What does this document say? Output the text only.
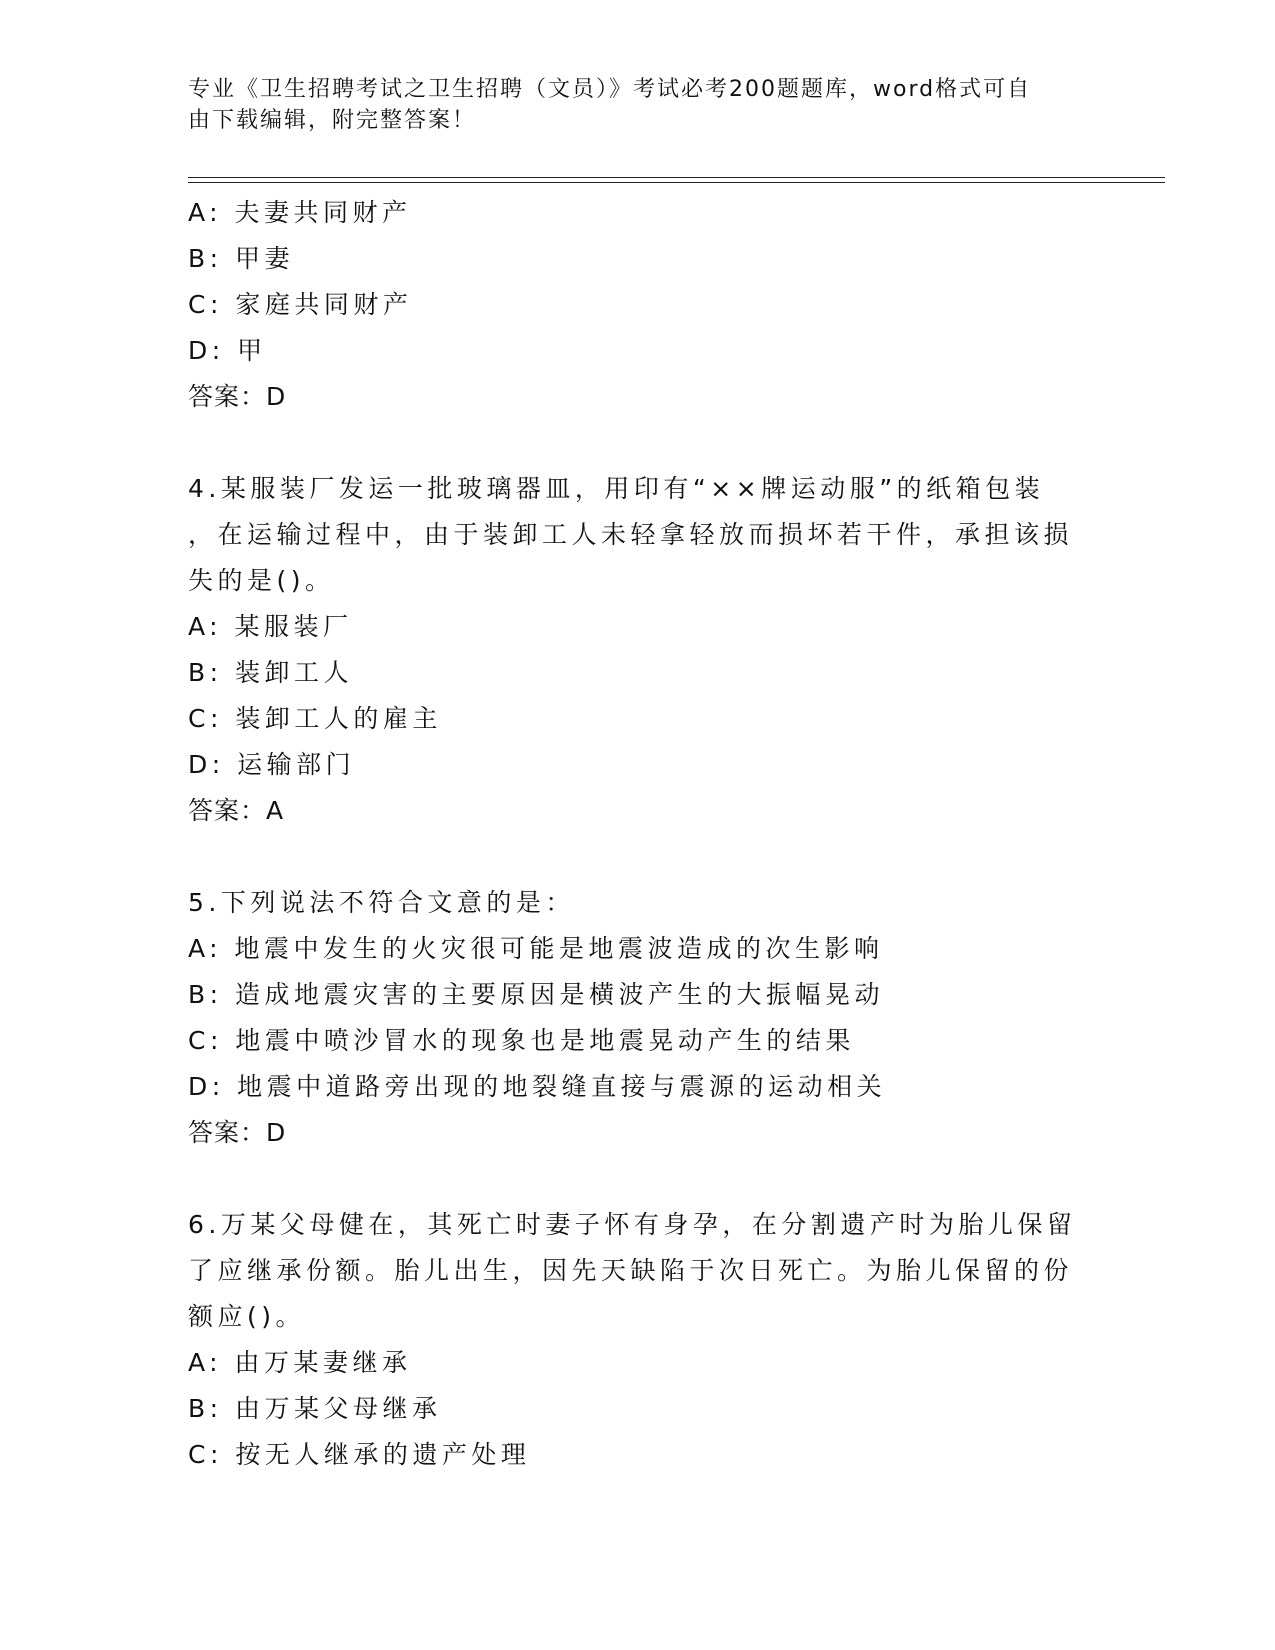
专业《卫生招聘考试之卫生招聘（文员）》考试必考200题题库，word格式可自
由下载编辑，附完整答案！
A: 夫妻共同财产
B: 甲妻
C: 家庭共同财产
D: 甲
答案：D
4.某服装厂发运一批玻璃器皿，用印有“××牌运动服”的纸箱包装
，在运输过程中，由于装卸工人未轻拿轻放而损坏若干件，承担该损
失的是()。
A: 某服装厂
B: 装卸工人
C: 装卸工人的雇主
D: 运输部门
答案：A
5.下列说法不符合文意的是：
A: 地震中发生的火灾很可能是地震波造成的次生影响
B: 造成地震灾害的主要原因是横波产生的大振幅晃动
C: 地震中喷沙冒水的现象也是地震晃动产生的结果
D: 地震中道路旁出现的地裂缝直接与震源的运动相关
答案：D
6.万某父母健在，其死亡时妻子怀有身孕，在分割遗产时为胎儿保留
了应继承份额。胎儿出生，因先天缺陷于次日死亡。为胎儿保留的份
额应()。
A: 由万某妻继承
B: 由万某父母继承
C: 按无人继承的遗产处理
